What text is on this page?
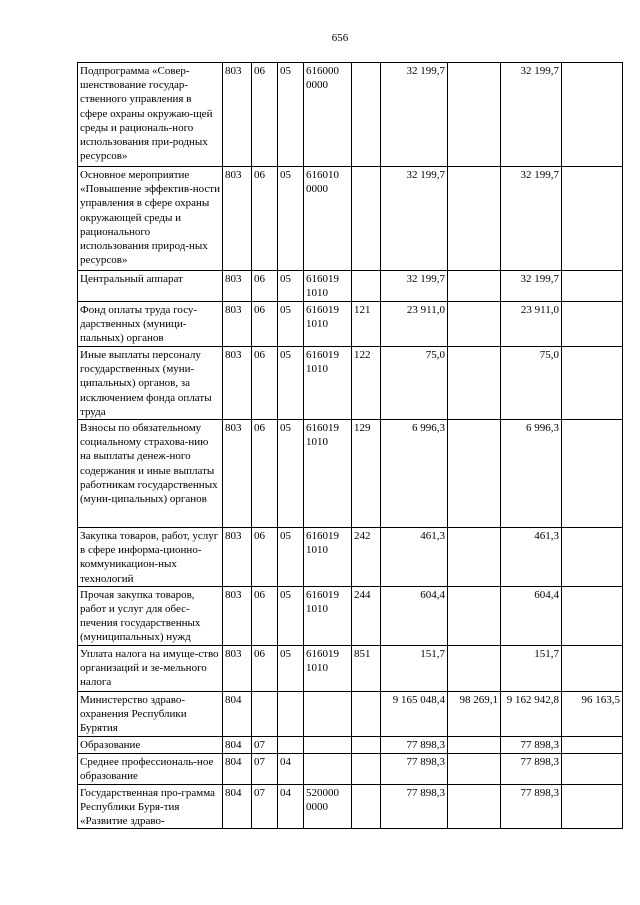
656
Подпрограмма «Совер-шенствование государ-ственного управления в сфере охраны окружаю-щей среды и рациональ-ного использования при-родных ресурсов»	803	06	05	616000 0000		32 199,7		32 199,7	
Основное мероприятие «Повышение эффектив-ности управления в сфере охраны окружающей среды и рационального использования природ-ных ресурсов»	803	06	05	616010 0000		32 199,7		32 199,7	
Центральный аппарат	803	06	05	616019 1010		32 199,7		32 199,7	
Фонд оплаты труда госу-дарственных (муници-пальных) органов	803	06	05	616019 1010	121	23 911,0		23 911,0	
Иные выплаты персоналу государственных (муни-ципальных) органов, за исключением фонда оплаты труда	803	06	05	616019 1010	122	75,0		75,0	
Взносы по обязательному социальному страхова-нию на выплаты денеж-ного содержания и иные выплаты работникам государственных (муни-ципальных) органов	803	06	05	616019 1010	129	6 996,3		6 996,3	
Закупка товаров, работ, услуг в сфере информа-ционно-коммуникацион-ных технологий	803	06	05	616019 1010	242	461,3		461,3	
Прочая закупка товаров, работ и услуг для обес-печения государственных (муниципальных) нужд	803	06	05	616019 1010	244	604,4		604,4	
Уплата налога на имуще-ство организаций и зе-мельного налога	803	06	05	616019 1010	851	151,7		151,7	
Министерство здраво-охранения Республики Бурятия	804					9 165 048,4	98 269,1	9 162 942,8	96 163,5
Образование	804	07				77 898,3		77 898,3	
Среднее профессиональ-ное образование	804	07	04			77 898,3		77 898,3	
Государственная про-грамма Республики Буря-тия «Развитие здраво-	804	07	04	520000 0000		77 898,3		77 898,3	
